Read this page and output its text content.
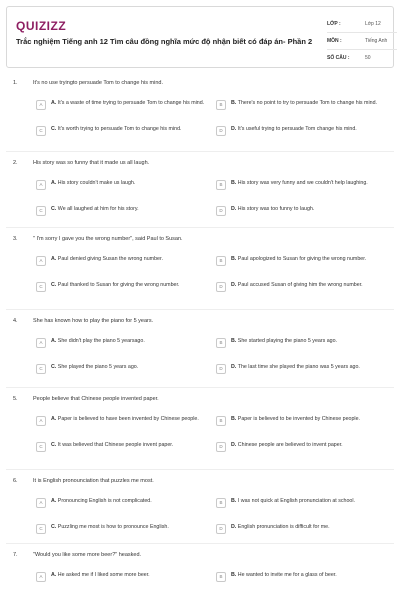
QUIZIZZ
Trắc nghiệm Tiếng anh 12 Tìm câu đồng nghĩa mức độ nhận biết có đáp án- Phần 2
LỚP :	Lớp 12
MÔN :	Tiếng Anh
SỐ CÂU :	50
1.	It's no use tryingto persuade Tom to change his mind.
A	A. It's a waste of time trying to persuade Tom to change his mind.	B	B. There's no point to try to persuade Tom to change his mind.
C	C. It's worth trying to persuade Tom to change his mind.	D	D. It's useful trying to persuade Tom change his mind.
2.	His story was so funny that it made us all laugh.
A	A. His story couldn't make us laugh.	B	B. His story was very funny and we couldn't help laughing.
C	C. We all laughed at him for his story.	D	D. His story was too funny to laugh.
3.	" I'm sorry I gave you the wrong number", said Paul to Susan.
A	A. Paul denied giving Susan the wrong number.	B	B. Paul apologized to Susan for giving the wrong number.
C	C. Paul thanked to Susan for giving the wrong number.	D	D. Paul accused Susan of giving him the wrong number.
4.	She has known how to play the piano for 5 years.
A	A. She didn't play the piano 5 yearsago.	B	B. She started playing the piano 5 years ago.
C	C. She played the piano 5 years ago.	D	D. The last time she played the piano was 5 years ago.
5.	People believe that Chinese people invented paper.
A	A. Paper is believed to have been invented by Chinese people.	B	B. Paper is believed to be invented by Chinese people.
C	C. It was believed that Chinese people invent paper.	D	D. Chinese people are believed to invent paper.
6.	It is English pronounciation that puzzles me most.
A	A. Pronouncing English is not complicated.	B	B. I was not quick at English pronunciation at school.
C	C. Puzzling me most is how to pronounce English.	D	D. English pronunciation is difficult for me.
7.	"Would you like some more beer?" heasked.
A	A. He asked me if I liked some more beer.	B	B. He wanted to invite me for a glass of beer.
